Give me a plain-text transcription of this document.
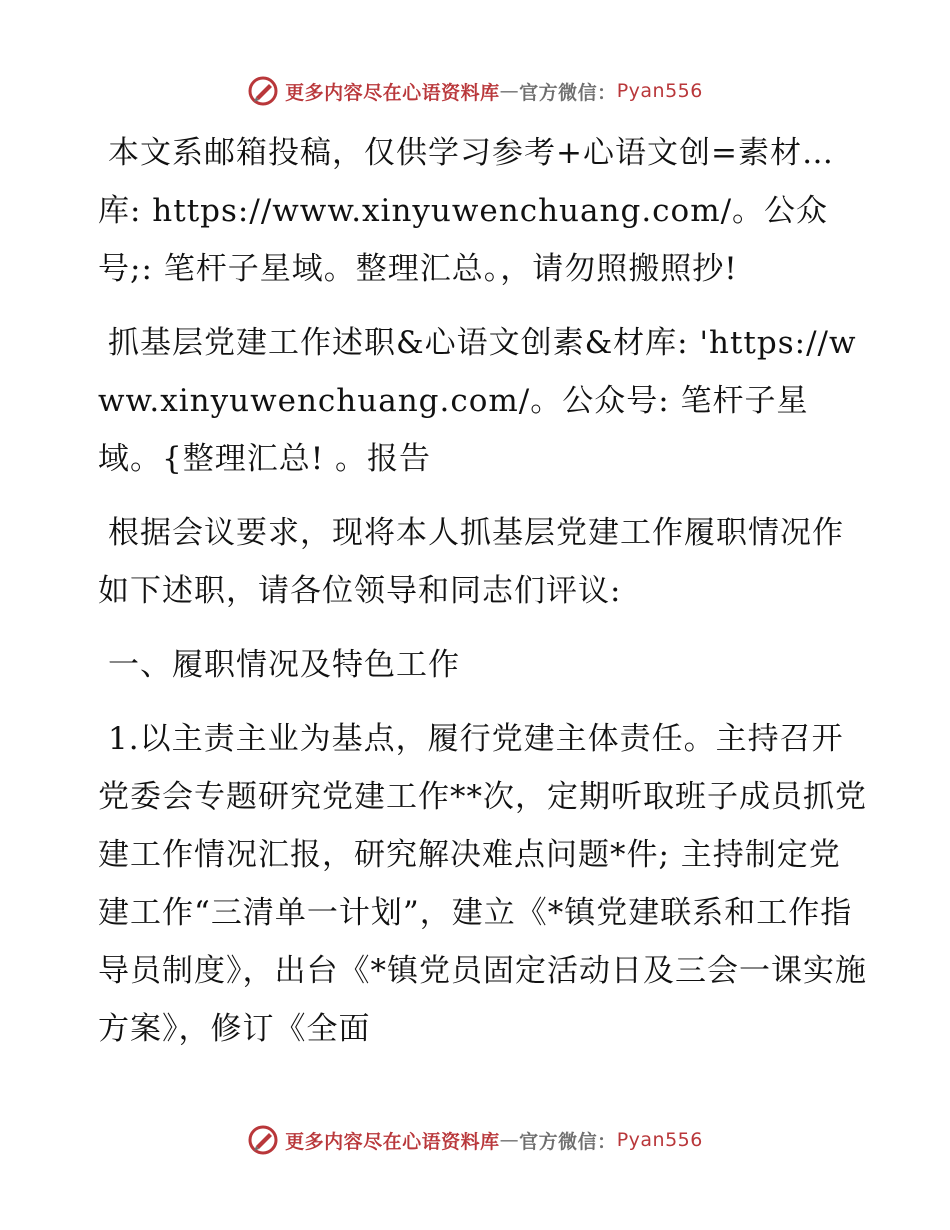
更多内容尽在心语资料库 — 官方微信： Pyan556

本文系邮箱投稿，仅供学习参考+心语文创=素材…库: https://www.xinyuwenchuang.com/。公众号;: 笔杆子星域。整理汇总。，请勿照搬照抄!

抓基层党建工作述职&心语文创素&材库: 'https://www.xinyuwenchuang.com/。公众号: 笔杆子星域。{整理汇总! 。报告

根据会议要求，现将本人抓基层党建工作履职情况作如下述职，请各位领导和同志们评议:

一、履职情况及特色工作

1.以主责主业为基点，履行党建主体责任。主持召开党委会专题研究党建工作**次，定期听取班子成员抓党建工作情况汇报，研究解决难点问题*件; 主持制定党建工作“三清单一计划”，建立《*镇党建联系和工作指导员制度》，出台《*镇党员固定活动日及三会一课实施方案》，修订《全面

更多内容尽在心语资料库 — 官方微信： Pyan556
